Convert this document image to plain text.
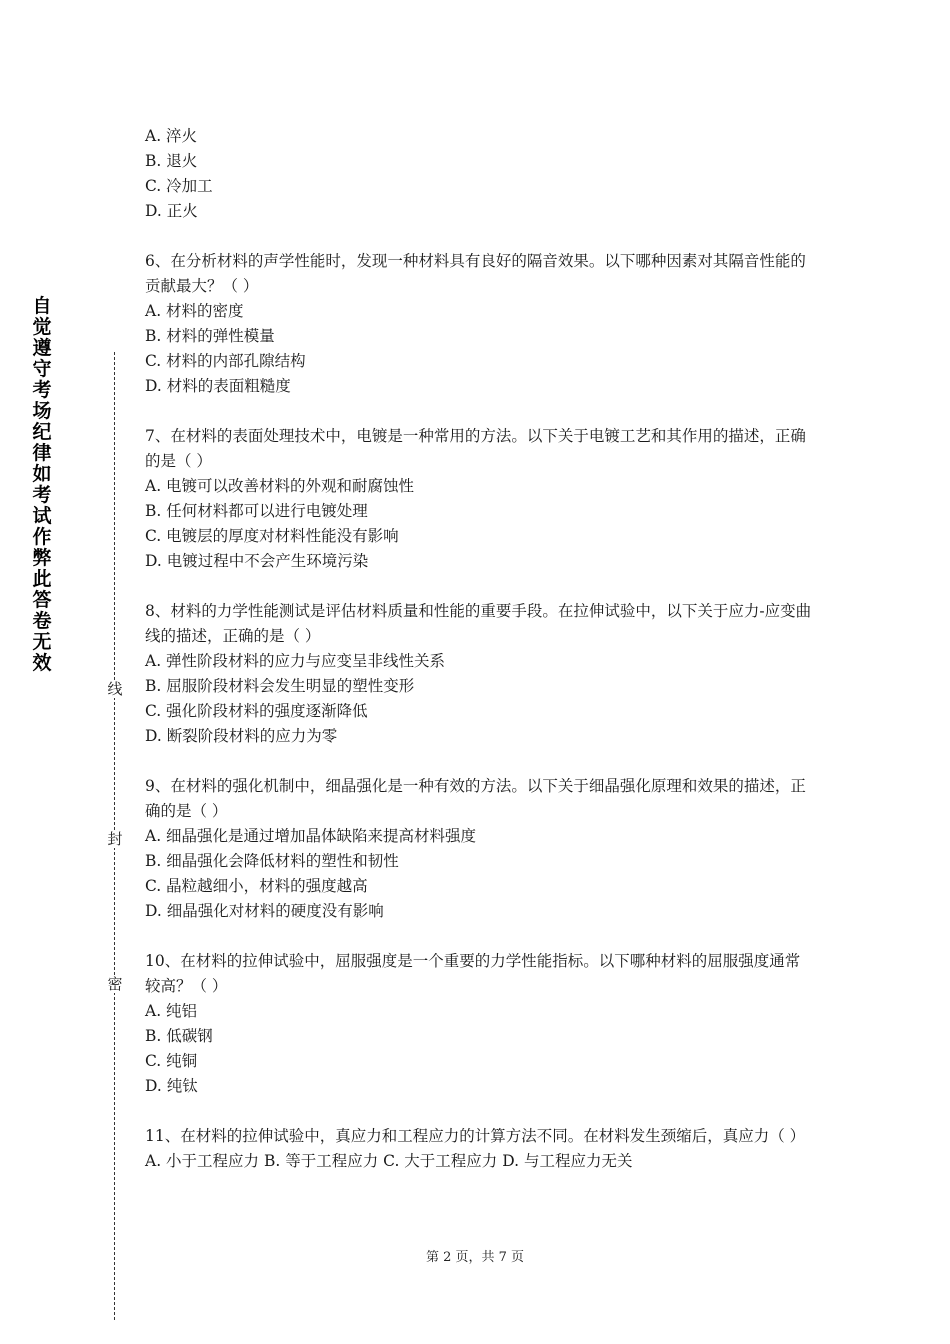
自觉遵守考场纪律如考试作弊此答卷无效
线
封
密

A. 淬火

B. 退火

C. 冷加工

D. 正火

6、在分析材料的声学性能时，发现一种材料具有良好的隔音效果。以下哪种因素对其隔音性能的贡献最大？（ ）

A. 材料的密度

B. 材料的弹性模量

C. 材料的内部孔隙结构

D. 材料的表面粗糙度

7、在材料的表面处理技术中，电镀是一种常用的方法。以下关于电镀工艺和其作用的描述，正确的是（ ）

A. 电镀可以改善材料的外观和耐腐蚀性

B. 任何材料都可以进行电镀处理

C. 电镀层的厚度对材料性能没有影响

D. 电镀过程中不会产生环境污染

8、材料的力学性能测试是评估材料质量和性能的重要手段。在拉伸试验中，以下关于应力-应变曲线的描述，正确的是（ ）

A. 弹性阶段材料的应力与应变呈非线性关系

B. 屈服阶段材料会发生明显的塑性变形

C. 强化阶段材料的强度逐渐降低

D. 断裂阶段材料的应力为零

9、在材料的强化机制中，细晶强化是一种有效的方法。以下关于细晶强化原理和效果的描述，正确的是（ ）

A. 细晶强化是通过增加晶体缺陷来提高材料强度

B. 细晶强化会降低材料的塑性和韧性

C. 晶粒越细小，材料的强度越高

D. 细晶强化对材料的硬度没有影响

10、在材料的拉伸试验中，屈服强度是一个重要的力学性能指标。以下哪种材料的屈服强度通常较高？（ ）

A. 纯铝

B. 低碳钢

C. 纯铜

D. 纯钛

11、在材料的拉伸试验中，真应力和工程应力的计算方法不同。在材料发生颈缩后，真应力（ ）

A. 小于工程应力 B. 等于工程应力 C. 大于工程应力 D. 与工程应力无关

第 2 页，共 7 页
